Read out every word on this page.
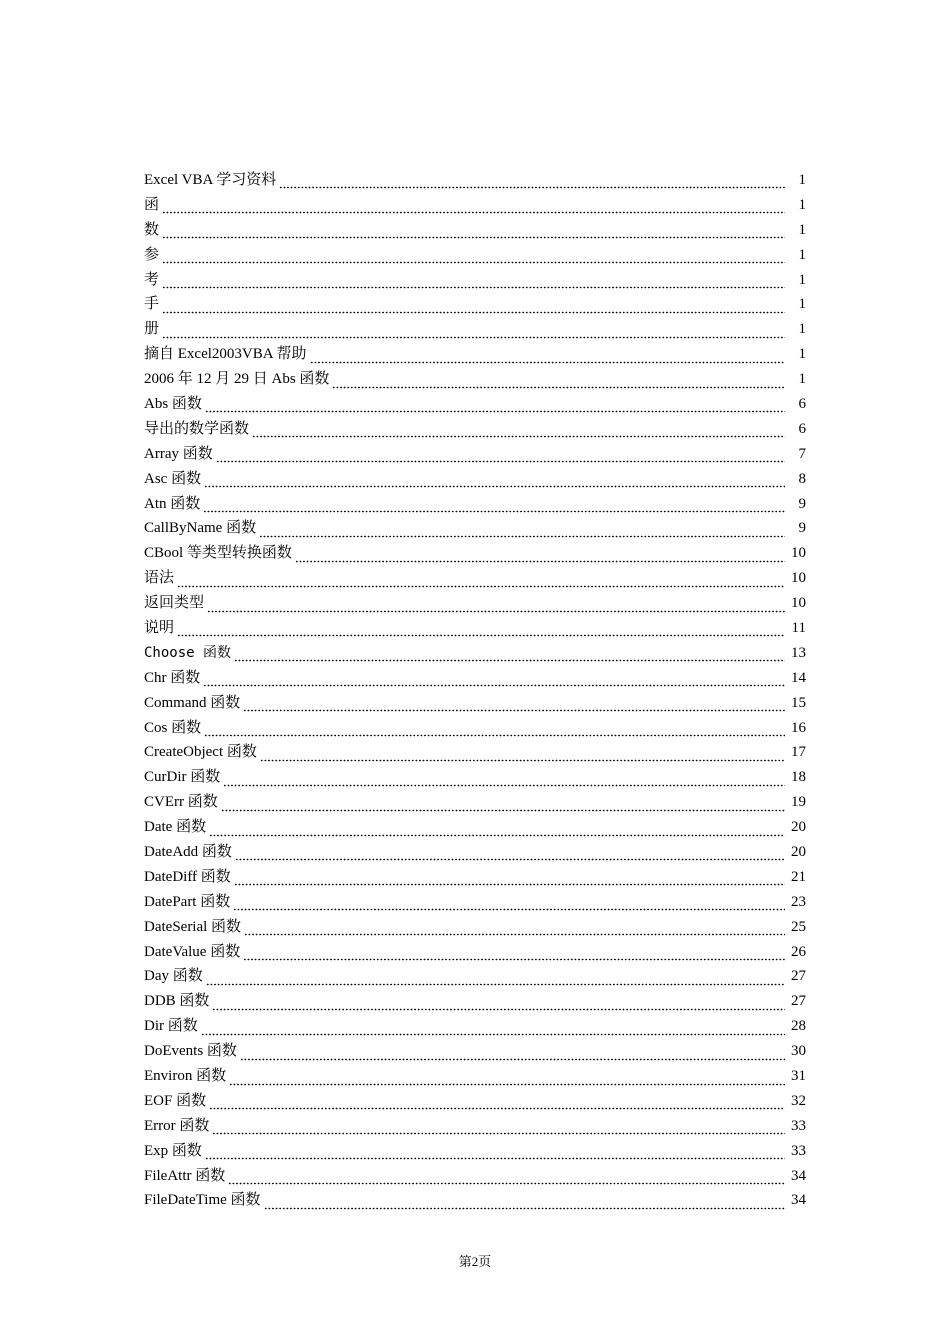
Excel VBA 学习资料	1
函	1
数	1
参	1
考	1
手	1
册	1
摘自 Excel2003VBA 帮助	1
2006 年 12 月 29 日 Abs 函数	1
Abs 函数	6
导出的数学函数	6
Array 函数	7
Asc 函数	8
Atn 函数	9
CallByName 函数	9
CBool 等类型转换函数	10
语法	10
返回类型	10
说明	11
Choose 函数	13
Chr 函数	14
Command 函数	15
Cos 函数	16
CreateObject 函数	17
CurDir 函数	18
CVErr 函数	19
Date 函数	20
DateAdd 函数	20
DateDiff 函数	21
DatePart 函数	23
DateSerial 函数	25
DateValue 函数	26
Day 函数	27
DDB 函数	27
Dir 函数	28
DoEvents 函数	30
Environ 函数	31
EOF 函数	32
Error 函数	33
Exp 函数	33
FileAttr 函数	34
FileDateTime 函数	34
第2页
